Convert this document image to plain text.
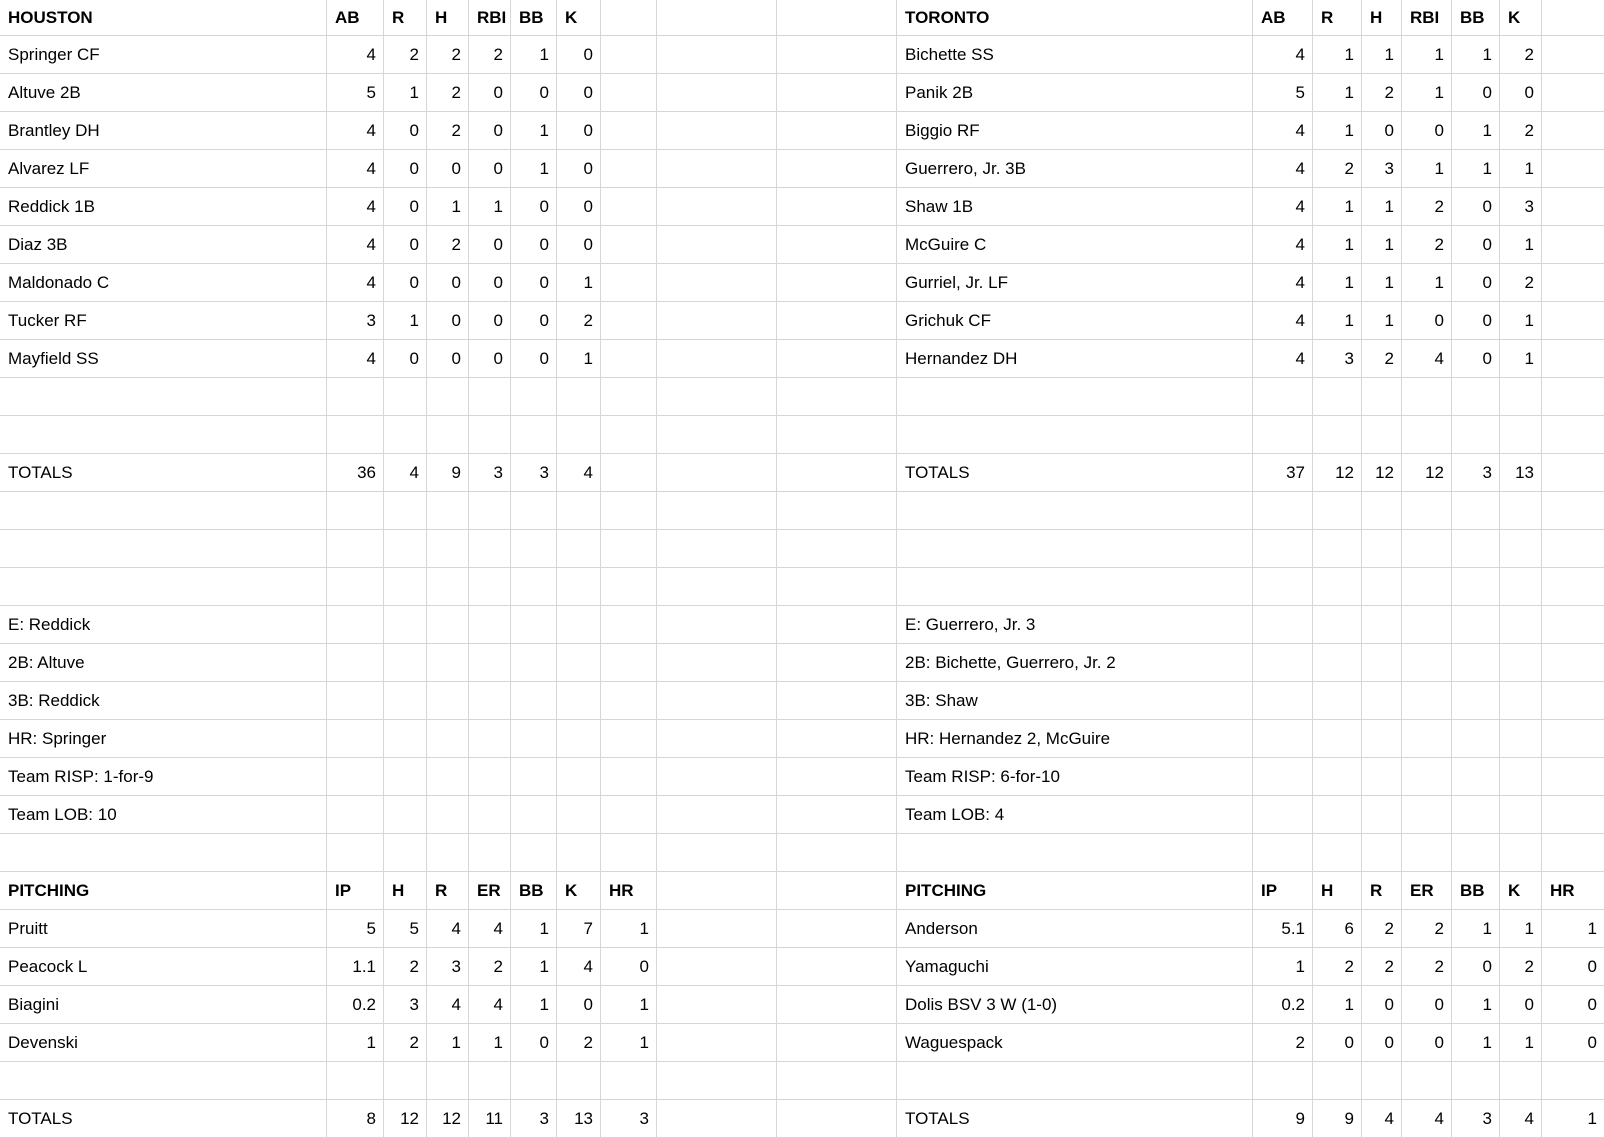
HOUSTON	AB	R	H	RBI BB	K	TORONTO	AB	R	H	RBI	BB	K
Springer CF	4	2	2	2	1	0	Bichette SS	4	1	1	1	1	2
Altuve 2B	5	1	2	0	0	0	Panik 2B	5	1	2	1	0	0
Brantley DH	4	0	2	0	1	0	Biggio RF	4	1	0	0	1	2
Alvarez LF	4	0	0	0	1	0	Guerrero, Jr. 3B	4	2	3	1	1	1
Reddick 1B	4	0	1	1	0	0	Shaw 1B	4	1	1	2	0	3
Diaz 3B	4	0	2	0	0	0	McGuire C	4	1	1	2	0	1
Maldonado C	4	0	0	0	0	1	Gurriel, Jr. LF	4	1	1	1	0	2
Tucker RF	3	1	0	0	0	2	Grichuk CF	4	1	1	0	0	1
Mayfield SS	4	0	0	0	0	1	Hernandez DH	4	3	2	4	0	1
TOTALS	36	4	9	3	3	4	TOTALS	37	12	12	12	3	13
E: Reddick	E: Guerrero, Jr. 3
2B: Altuve	2B: Bichette, Guerrero, Jr. 2
3B: Reddick	3B: Shaw
HR: Springer	HR: Hernandez 2, McGuire
Team RISP: 1-for-9	Team RISP: 6-for-10
Team LOB: 10	Team LOB: 4
PITCHING	IP	H	R	ER	BB	K	HR	PITCHING	IP	H	R	ER	BB	K	HR
Pruitt	5	5	4	4	1	7	1	Anderson	5.1	6	2	2	1	1	1
Peacock L	1.1	2	3	2	1	4	0	Yamaguchi	1	2	2	2	0	2	0
Biagini	0.2	3	4	4	1	0	1	Dolis BSV 3 W (1-0)	0.2	1	0	0	1	0	0
Devenski	1	2	1	1	0	2	1	Waguespack	2	0	0	0	1	1	0
TOTALS	8	12	12	11	3	13	3	TOTALS	9	9	4	4	3	4	1
